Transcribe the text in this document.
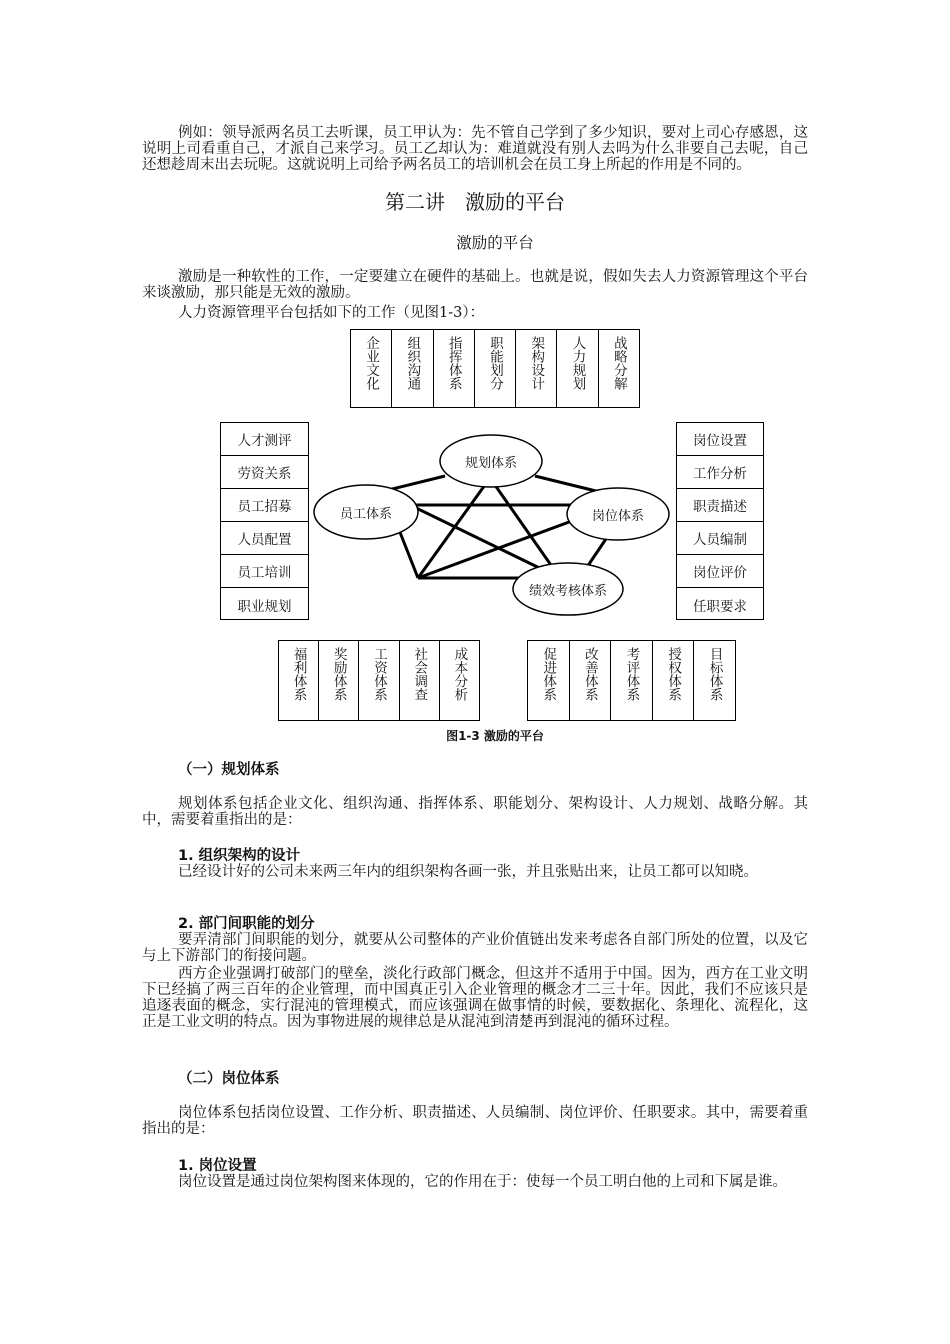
例如：领导派两名员工去听课，员工甲认为：先不管自己学到了多少知识，要对上司心存感恩，这说明上司看重自己，才派自己来学习。员工乙却认为：难道就没有别人去吗为什么非要自己去呢，自己还想趁周末出去玩呢。这就说明上司给予两名员工的培训机会在员工身上所起的作用是不同的。

第二讲　激励的平台
激励的平台

激励是一种软性的工作，一定要建立在硬件的基础上。也就是说，假如失去人力资源管理这个平台来谈激励，那只能是无效的激励。

人力资源管理平台包括如下的工作（见图1-3）：

规划体系
员工体系	岗位体系
绩效考核体系
企业文化 组织沟通 指挥体系 职能划分 架构设计 人力规划 战略分解
人才测评
劳资关系
员工招募
人员配置
员工培训
职业规划
岗位设置
工作分析
职责描述
人员编制
岗位评价
任职要求
福利体系 奖励体系 工资体系 社会调查 成本分析	促进体系 改善体系 考评体系 授权体系 目标体系
图1-3 激励的平台
（一）规划体系

规划体系包括企业文化、组织沟通、指挥体系、职能划分、架构设计、人力规划、战略分解。其中，需要着重指出的是：

1. 组织架构的设计

已经设计好的公司未来两三年内的组织架构各画一张，并且张贴出来，让员工都可以知晓。

2. 部门间职能的划分

要弄清部门间职能的划分，就要从公司整体的产业价值链出发来考虑各自部门所处的位置，以及它与上下游部门的衔接问题。

西方企业强调打破部门的壁垒，淡化行政部门概念，但这并不适用于中国。因为，西方在工业文明下已经搞了两三百年的企业管理，而中国真正引入企业管理的概念才二三十年。因此，我们不应该只是追逐表面的概念，实行混沌的管理模式，而应该强调在做事情的时候，要数据化、条理化、流程化，这正是工业文明的特点。因为事物进展的规律总是从混沌到清楚再到混沌的循环过程。

（二）岗位体系

岗位体系包括岗位设置、工作分析、职责描述、人员编制、岗位评价、任职要求。其中，需要着重指出的是：

1. 岗位设置

岗位设置是通过岗位架构图来体现的，它的作用在于：使每一个员工明白他的上司和下属是谁。
